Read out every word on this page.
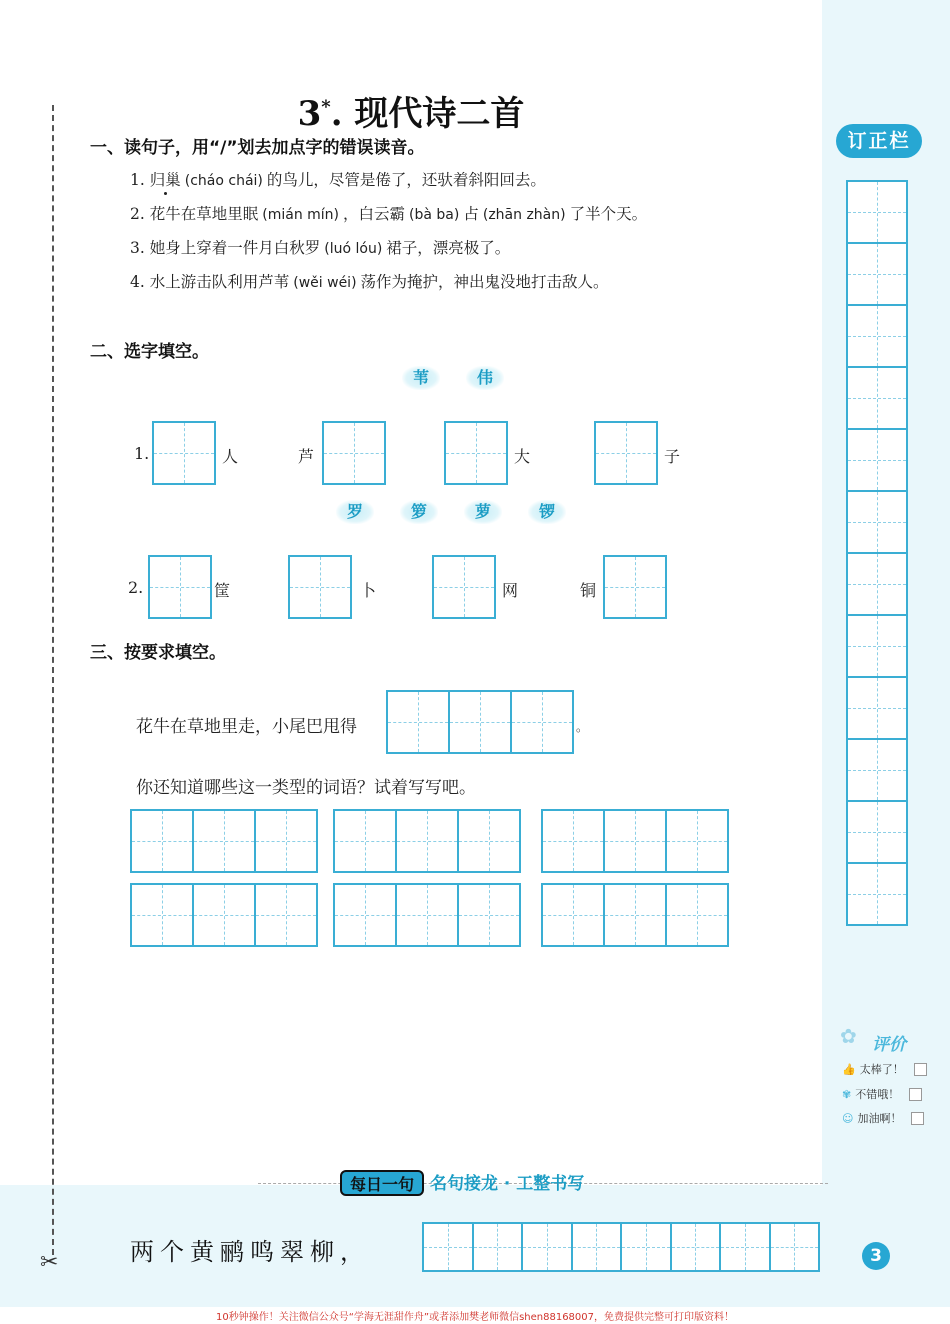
✂
3*. 现代诗二首
一、读句子，用“/”划去加点字的错误读音。
1. 归巢 (cháo chái) 的鸟儿，尽管是倦了，还驮着斜阳回去。
2. 花牛在草地里眠 (mián mín) ，白云霸 (bà ba) 占 (zhān zhàn) 了半个天。
3. 她身上穿着一件月白秋罗 (luó lóu) 裙子，漂亮极了。
4. 水上游击队利用芦苇 (wěi wéi) 荡作为掩护，神出鬼没地打击敌人。
二、选字填空。
苇	伟
1.	人	芦	大	子
罗	箩	萝	锣
2.	筐	卜	网	铜
三、按要求填空。
花牛在草地里走，小尾巴甩得	。
你还知道哪些这一类型的词语？试着写写吧。
订正栏
✿ 评价
👍 太棒了！
✾ 不错哦！
☺ 加油啊！
每日一句 名句接龙 · 工整书写
两个黄鹂鸣翠柳，	3
10秒钟操作！关注微信公众号“学海无涯甜作舟”或者添加樊老师微信shen88168007，免费提供完整可打印版资料！
